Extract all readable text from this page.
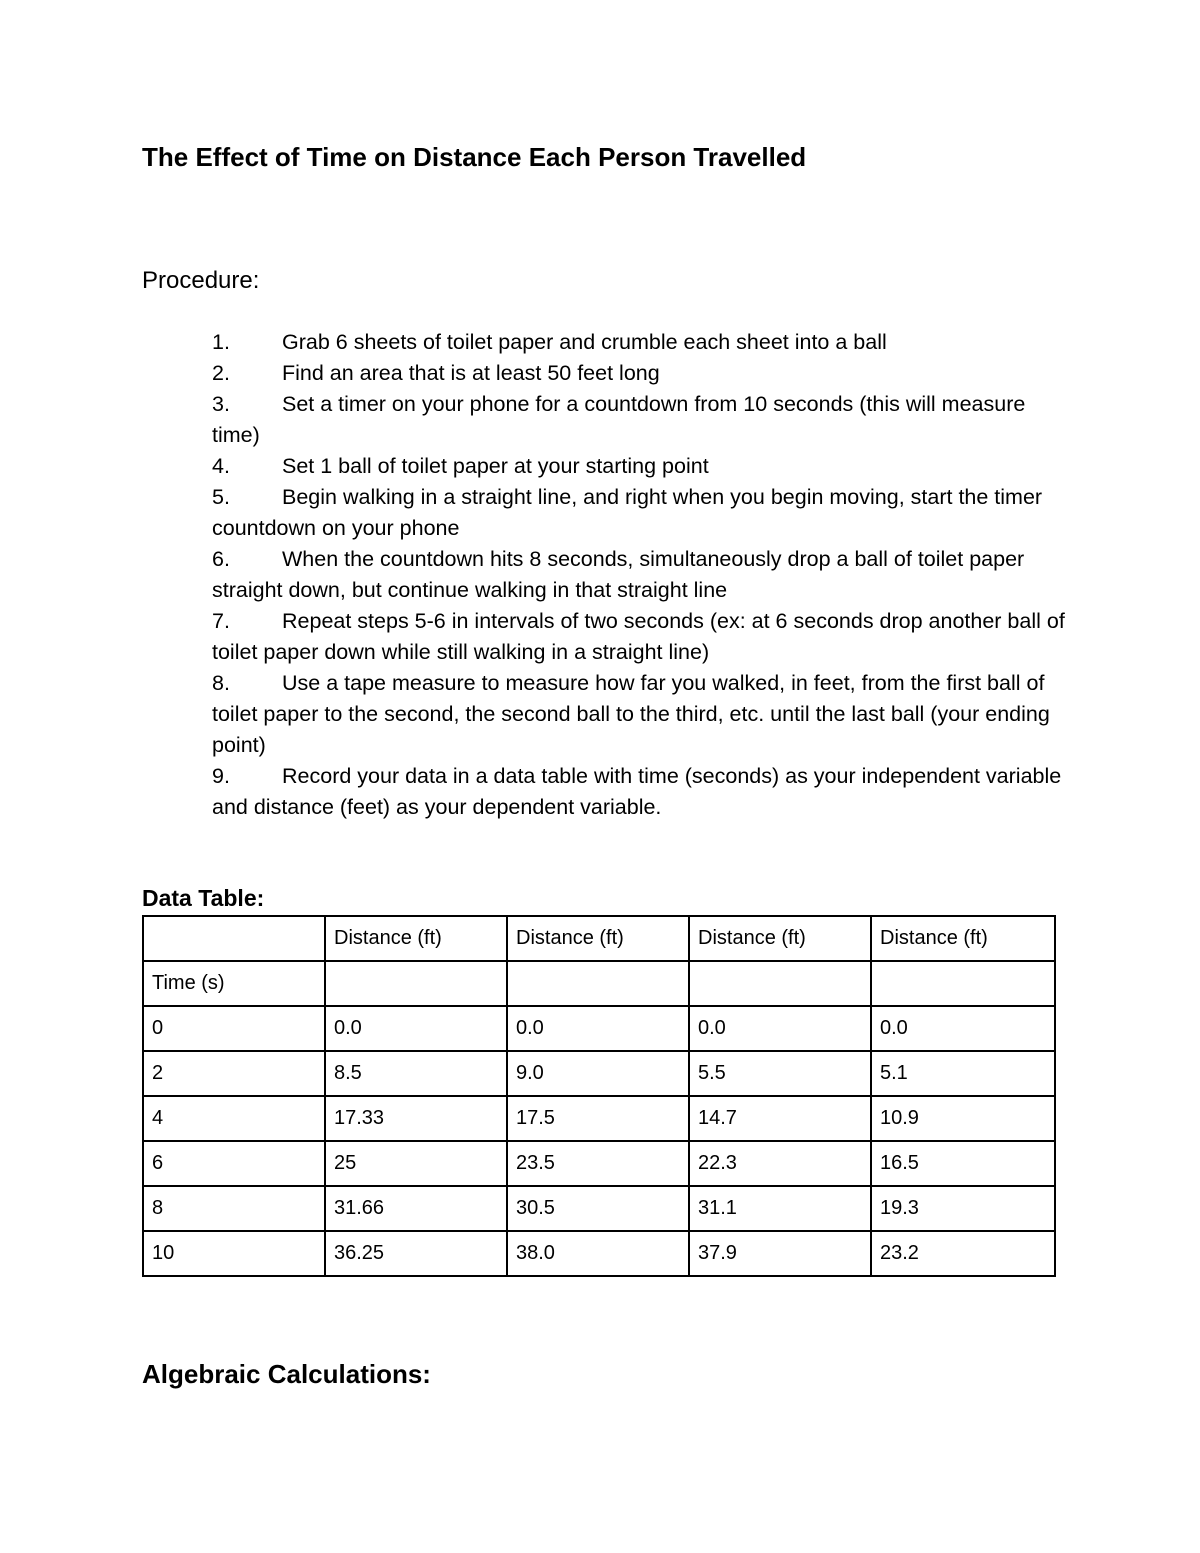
The Effect of Time on Distance Each Person Travelled
Procedure:
1. Grab 6 sheets of toilet paper and crumble each sheet into a ball
2. Find an area that is at least 50 feet long
3. Set a timer on your phone for a countdown from 10 seconds (this will measure time)
4. Set 1 ball of toilet paper at your starting point
5. Begin walking in a straight line, and right when you begin moving, start the timer countdown on your phone
6. When the countdown hits 8 seconds, simultaneously drop a ball of toilet paper straight down, but continue walking in that straight line
7. Repeat steps 5-6 in intervals of two seconds (ex: at 6 seconds drop another ball of toilet paper down while still walking in a straight line)
8. Use a tape measure to measure how far you walked, in feet, from the first ball of toilet paper to the second, the second ball to the third, etc. until the last ball (your ending point)
9. Record your data in a data table with time (seconds) as your independent variable and distance (feet) as your dependent variable.
Data Table:
	Distance (ft)	Distance (ft)	Distance (ft)	Distance (ft)
Time (s)				
0	0.0	0.0	0.0	0.0
2	8.5	9.0	5.5	5.1
4	17.33	17.5	14.7	10.9
6	25	23.5	22.3	16.5
8	31.66	30.5	31.1	19.3
10	36.25	38.0	37.9	23.2
Algebraic Calculations:
